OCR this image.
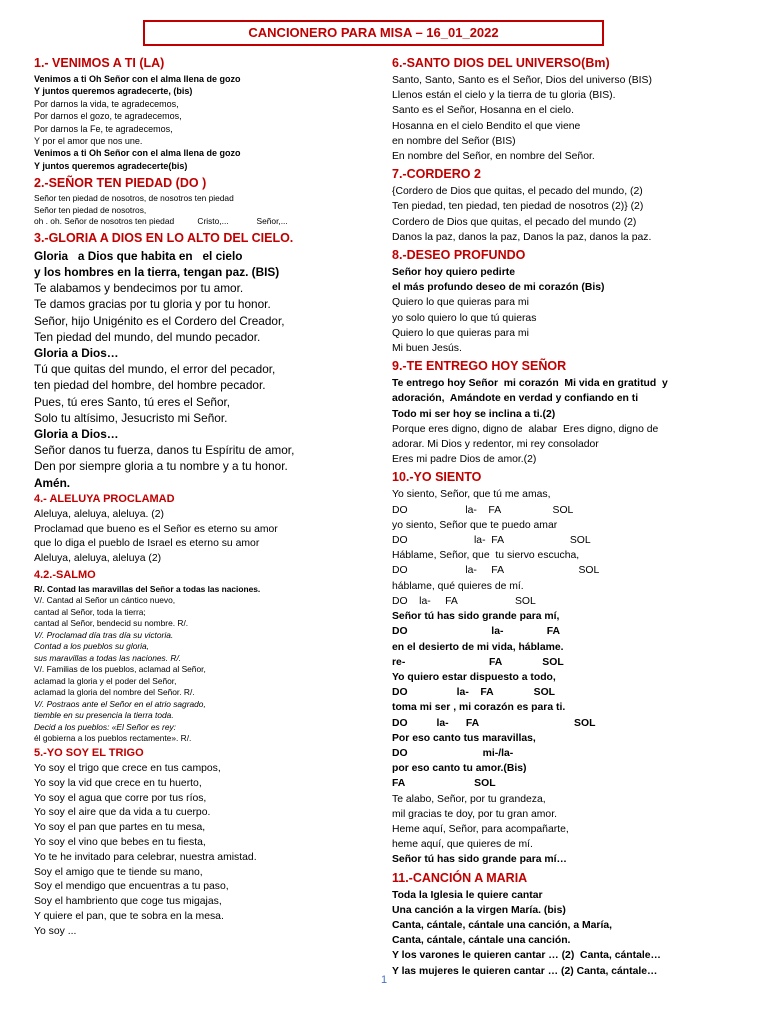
CANCIONERO PARA MISA – 16_01_2022
1.- VENIMOS A TI (LA)
Venimos a ti Oh Señor con el alma llena de gozo
Y juntos queremos agradecerte, (bis)
Por darnos la vida, te agradecemos,
Por darnos el gozo, te agradecemos,
Por darnos la Fe, te agradecemos,
Y por el amor que nos une.
Venimos a ti Oh Señor con el alma llena de gozo
Y juntos queremos agradecerte(bis)
2.-SEÑOR TEN PIEDAD (DO )
Señor ten piedad de nosotros, de nosotros ten piedad
Señor ten piedad de nosotros,
oh . oh. Señor de nosotros ten piedad          Cristo,...            Señor,...
3.-GLORIA A DIOS EN LO ALTO DEL CIELO.
Gloria   a Dios que habita en   el cielo
y los hombres en la tierra, tengan paz. (BIS)
Te alabamos y bendecimos por tu amor.
Te damos gracias por tu gloria y por tu honor.
Señor, hijo Unigénito es el Cordero del Creador,
Ten piedad del mundo, del mundo pecador.
Gloria a Dios…
Tú que quitas del mundo, el error del pecador,
ten piedad del hombre, del hombre pecador.
Pues, tú eres Santo, tú eres el Señor,
Solo tu altísimo, Jesucristo mi Señor.
Gloria a Dios…
Señor danos tu fuerza, danos tu Espíritu de amor,
Den por siempre gloria a tu nombre y a tu honor.
Amén.
4.- ALELUYA PROCLAMAD
Aleluya, aleluya, aleluya. (2)
Proclamad que bueno es el Señor es eterno su amor
que lo diga el pueblo de Israel es eterno su amor
Aleluya, aleluya, aleluya (2)
4.2.-SALMO
R/. Contad las maravillas del Señor a todas las naciones.
V/. Cantad al Señor un cántico nuevo,
cantad al Señor, toda la tierra;
cantad al Señor, bendecid su nombre. R/.
V/. Proclamad día tras día su victoria.
Contad a los pueblos su gloria,
sus maravillas a todas las naciones. R/.
V/. Familias de los pueblos, aclamad al Señor,
aclamad la gloria y el poder del Señor,
aclamad la gloria del nombre del Señor. R/.
V/. Postraos ante el Señor en el atrio sagrado,
tiemble en su presencia la tierra toda.
Decid a los pueblos: «El Señor es rey:
él gobierna a los pueblos rectamente». R/.
5.-YO SOY EL TRIGO
Yo soy el trigo que crece en tus campos,
Yo soy la vid que crece en tu huerto,
Yo soy el agua que corre por tus ríos,
Yo soy el aire que da vida a tu cuerpo.
Yo soy el pan que partes en tu mesa,
Yo soy el vino que bebes en tu fiesta,
Yo te he invitado para celebrar, nuestra amistad.
Soy el amigo que te tiende su mano,
Soy el mendigo que encuentras a tu paso,
Soy el hambriento que coge tus migajas,
Y quiere el pan, que te sobra en la mesa.
Yo soy ...
6.-SANTO DIOS DEL UNIVERSO(Bm)
Santo, Santo, Santo es el Señor, Dios del universo (BIS)
Llenos están el cielo y la tierra de tu gloria (BIS).
Santo es el Señor, Hosanna en el cielo.
Hosanna en el cielo Bendito el que viene
en nombre del Señor (BIS)
En nombre del Señor, en nombre del Señor.
7.-CORDERO 2
{Cordero de Dios que quitas, el pecado del mundo, (2)
Ten piedad, ten piedad, ten piedad de nosotros (2)} (2)
Cordero de Dios que quitas, el pecado del mundo (2)
Danos la paz, danos la paz, Danos la paz, danos la paz.
8.-DESEO PROFUNDO
Señor hoy quiero pedirte
el más profundo deseo de mi corazón (Bis)
Quiero lo que quieras para mi
yo solo quiero lo que tú quieras
Quiero lo que quieras para mi
Mi buen Jesús.
9.-TE ENTREGO HOY SEÑOR
Te entrego hoy Señor  mi corazón  Mi vida en gratitud  y
adoración,  Amándote en verdad y confiando en ti
Todo mi ser hoy se inclina a ti.(2)
Porque eres digno, digno de  alabar  Eres digno, digno de
adorar. Mi Dios y redentor, mi rey consolador
Eres mi padre Dios de amor.(2)
10.-YO SIENTO
Yo siento, Señor, que tú me amas,
DO                    la-    FA                  SOL
yo siento, Señor que te puedo amar
DO                       la-  FA                       SOL
Háblame, Señor, que  tu siervo escucha,
DO                    la-     FA                          SOL
háblame, qué quieres de mí.
DO    la-     FA                    SOL
Señor tú has sido grande para mí,
DO                             la-               FA
en el desierto de mi vida, háblame.
re-                             FA              SOL
Yo quiero estar dispuesto a todo,
DO                 la-    FA              SOL
toma mi ser , mi corazón es para ti.
DO          la-      FA                                 SOL
Por eso canto tus maravillas,
DO                          mi-/la-
por eso canto tu amor.(Bis)
FA                        SOL
Te alabo, Señor, por tu grandeza,
mil gracias te doy, por tu gran amor.
Heme aquí, Señor, para acompañarte,
heme aquí, que quieres de mí.
Señor tú has sido grande para mí…
11.-CANCIÓN A MARIA
Toda la Iglesia le quiere cantar
Una canción a la virgen María. (bis)
Canta, cántale, cántale una canción, a María,
Canta, cántale, cántale una canción.
Y los varones le quieren cantar … (2)  Canta, cántale…
Y las mujeres le quieren cantar … (2) Canta, cántale…
1
